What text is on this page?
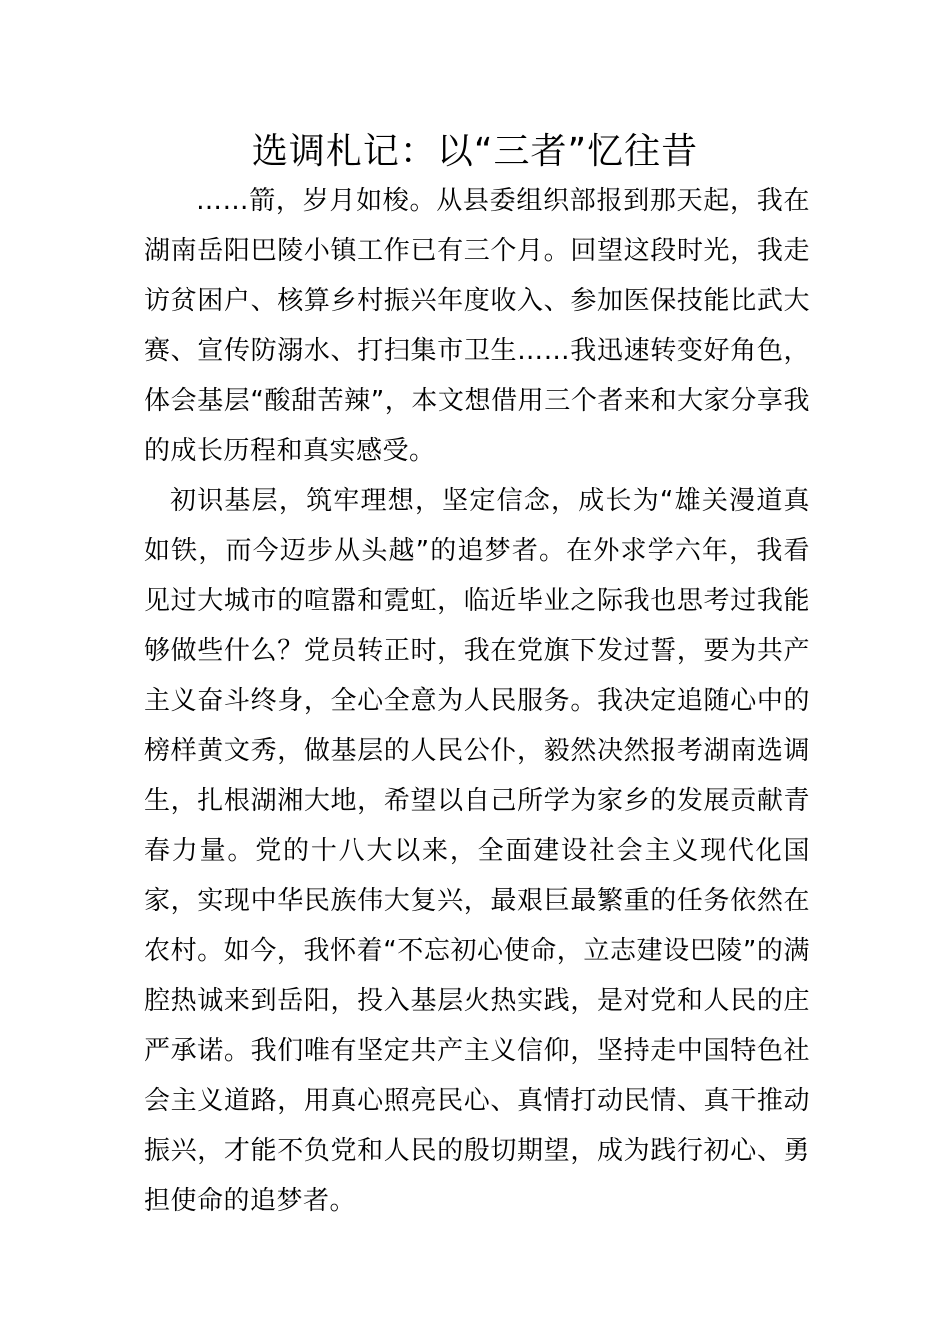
选调札记：以“三者”忆往昔

……箭，岁月如梭。从县委组织部报到那天起，我在湖南岳阳巴陵小镇工作已有三个月。回望这段时光，我走访贫困户、核算乡村振兴年度收入、参加医保技能比武大赛、宣传防溺水、打扫集市卫生……我迅速转变好角色，体会基层“酸甜苦辣”，本文想借用三个者来和大家分享我的成长历程和真实感受。

初识基层，筑牢理想，坚定信念，成长为“雄关漫道真如铁，而今迈步从头越”的追梦者。在外求学六年，我看见过大城市的喧嚣和霓虹，临近毕业之际我也思考过我能够做些什么？党员转正时，我在党旗下发过誓，要为共产主义奋斗终身，全心全意为人民服务。我决定追随心中的榜样黄文秀，做基层的人民公仆，毅然决然报考湖南选调生，扎根湖湘大地，希望以自己所学为家乡的发展贡献青春力量。党的十八大以来，全面建设社会主义现代化国家，实现中华民族伟大复兴，最艰巨最繁重的任务依然在农村。如今，我怀着“不忘初心使命，立志建设巴陵”的满腔热诚来到岳阳，投入基层火热实践，是对党和人民的庄严承诺。我们唯有坚定共产主义信仰，坚持走中国特色社会主义道路，用真心照亮民心、真情打动民情、真干推动振兴，才能不负党和人民的殷切期望，成为践行初心、勇担使命的追梦者。
